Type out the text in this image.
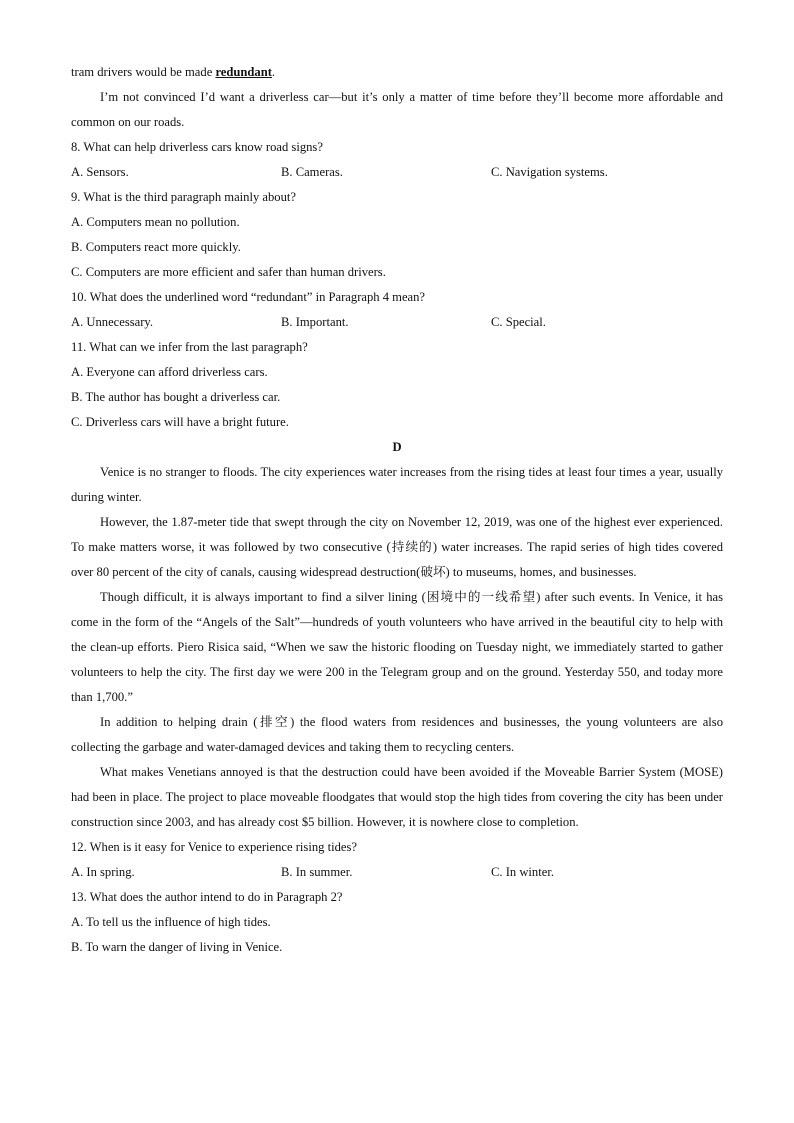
tram drivers would be made redundant.
I’m not convinced I’d want a driverless car—but it’s only a matter of time before they’ll become more affordable and common on our roads.
8. What can help driverless cars know road signs?
A. Sensors.	B. Cameras.	C. Navigation systems.
9. What is the third paragraph mainly about?
A. Computers mean no pollution.
B. Computers react more quickly.
C. Computers are more efficient and safer than human drivers.
10. What does the underlined word “redundant” in Paragraph 4 mean?
A. Unnecessary.	B. Important.	C. Special.
11. What can we infer from the last paragraph?
A. Everyone can afford driverless cars.
B. The author has bought a driverless car.
C. Driverless cars will have a bright future.
D
Venice is no stranger to floods. The city experiences water increases from the rising tides at least four times a year, usually during winter.
However, the 1.87-meter tide that swept through the city on November 12, 2019, was one of the highest ever experienced. To make matters worse, it was followed by two consecutive (持续的) water increases. The rapid series of high tides covered over 80 percent of the city of canals, causing widespread destruction(破坏) to museums, homes, and businesses.
Though difficult, it is always important to find a silver lining (困境中的一线希望) after such events. In Venice, it has come in the form of the “Angels of the Salt”—hundreds of youth volunteers who have arrived in the beautiful city to help with the clean-up efforts. Piero Risica said, “When we saw the historic flooding on Tuesday night, we immediately started to gather volunteers to help the city. The first day we were 200 in the Telegram group and on the ground. Yesterday 550, and today more than 1,700.”
In addition to helping drain (排空) the flood waters from residences and businesses, the young volunteers are also collecting the garbage and water-damaged devices and taking them to recycling centers.
What makes Venetians annoyed is that the destruction could have been avoided if the Moveable Barrier System (MOSE) had been in place. The project to place moveable floodgates that would stop the high tides from covering the city has been under construction since 2003, and has already cost $5 billion. However, it is nowhere close to completion.
12. When is it easy for Venice to experience rising tides?
A. In spring.	B. In summer.	C. In winter.
13. What does the author intend to do in Paragraph 2?
A. To tell us the influence of high tides.
B. To warn the danger of living in Venice.
